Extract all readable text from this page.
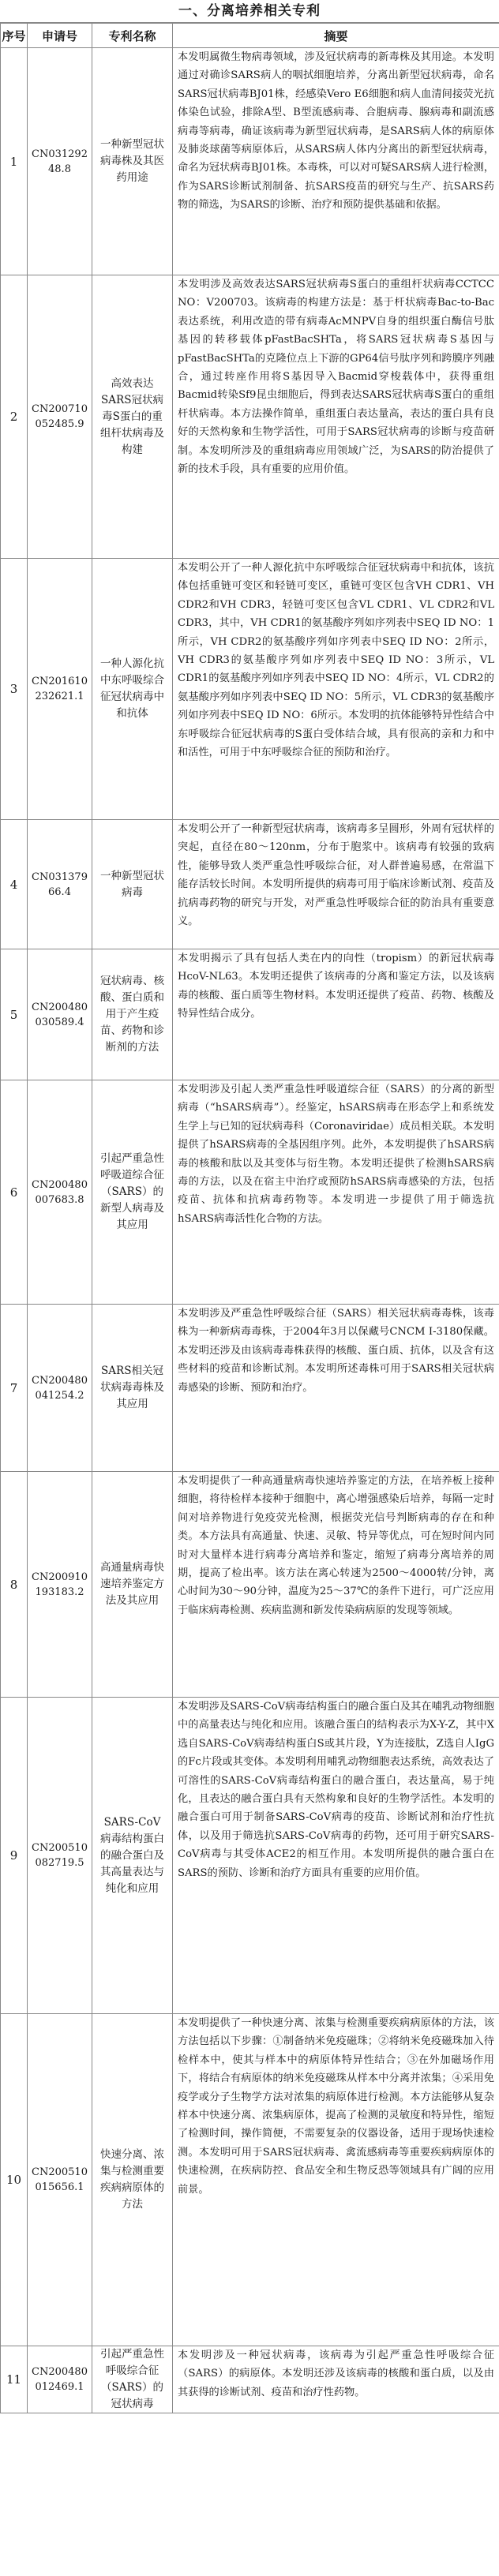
一、分离培养相关专利
序号	申请号	专利名称	摘要
1	CN031292 48.8	一种新型冠状病毒株及其医药用途	本发明属微生物病毒领域，涉及冠状病毒的新毒株及其用途。本发明通过对确诊SARS病人的咽拭细胞培养，分离出新型冠状病毒，命名SARS冠状病毒BJ01株，经感染Vero E6细胞和病人血清间接荧光抗体染色试验，排除A型、B型流感病毒、合胞病毒、腺病毒和副流感病毒等病毒，确证该病毒为新型冠状病毒，是SARS病人体的病原体及肺炎球菌等病原体后，从SARS病人体内分离出的新型冠状病毒，命名为冠状病毒BJ01株。本毒株，可以对可疑SARS病人进行检测，作为SARS诊断试剂制备、抗SARS疫苗的研究与生产、抗SARS药物的筛选，为SARS的诊断、治疗和预防提供基础和依据。

2	CN200710 052485.9	高效表达SARS冠状病毒S蛋白的重组杆状病毒及构建	本发明涉及高效表达SARS冠状病毒S蛋白的重组杆状病毒CCTCC NO：V200703。该病毒的构建方法是：基于杆状病毒Bac-to-Bac表达系统，利用改造的带有病毒AcMNPV自身的组织蛋白酶信号肽基因的转移载体pFastBacSHTa，将SARS冠状病毒S基因与pFastBacSHTa的克隆位点上下游的GP64信号肽序列和跨膜序列融合，通过转座作用将S基因导入Bacmid穿梭载体中，获得重组Bacmid转染Sf9昆虫细胞后，得到表达SARS冠状病毒S蛋白的重组杆状病毒。本方法操作简单，重组蛋白表达量高，表达的蛋白具有良好的天然构象和生物学活性，可用于SARS冠状病毒的诊断与疫苗研制。本发明所涉及的重组病毒应用领域广泛，为SARS的防治提供了新的技术手段，具有重要的应用价值。

3	CN201610 232621.1	一种人源化抗中东呼吸综合征冠状病毒中和抗体	本发明公开了一种人源化抗中东呼吸综合征冠状病毒中和抗体，该抗体包括重链可变区和轻链可变区，重链可变区包含VH CDR1、VH CDR2和VH CDR3，轻链可变区包含VL CDR1、VL CDR2和VL CDR3，其中，VH CDR1的氨基酸序列如序列表中SEQ ID NO：1所示，VH CDR2的氨基酸序列如序列表中SEQ ID NO：2所示，VH CDR3的氨基酸序列如序列表中SEQ ID NO：3所示，VL CDR1的氨基酸序列如序列表中SEQ ID NO：4所示，VL CDR2的氨基酸序列如序列表中SEQ ID NO：5所示，VL CDR3的氨基酸序列如序列表中SEQ ID NO：6所示。本发明的抗体能够特异性结合中东呼吸综合征冠状病毒的S蛋白受体结合域，具有很高的亲和力和中和活性，可用于中东呼吸综合征的预防和治疗。

4	CN031379 66.4	一种新型冠状病毒	本发明公开了一种新型冠状病毒，该病毒多呈圆形，外周有冠状样的突起，直径在80～120nm，分布于胞浆中。该病毒有较强的致病性，能够导致人类严重急性呼吸综合征，对人群普遍易感，在常温下能存活较长时间。本发明所提供的病毒可用于临床诊断试剂、疫苗及抗病毒药物的研究与开发，对严重急性呼吸综合征的防治具有重要意义。

5	CN200480 030589.4	冠状病毒、核酸、蛋白质和用于产生疫苗、药物和诊断剂的方法	本发明揭示了具有包括人类在内的向性（tropism）的新冠状病毒HcoV-NL63。本发明还提供了该病毒的分离和鉴定方法，以及该病毒的核酸、蛋白质等生物材料。本发明还提供了疫苗、药物、核酸及特异性结合成分。

6	CN200480 007683.8	引起严重急性呼吸道综合征（SARS）的新型人病毒及其应用	本发明涉及引起人类严重急性呼吸道综合征（SARS）的分离的新型病毒（“hSARS病毒”）。经鉴定，hSARS病毒在形态学上和系统发生学上与已知的冠状病毒科（Coronaviridae）成员相关联。本发明提供了hSARS病毒的全基因组序列。此外，本发明提供了hSARS病毒的核酸和肽以及其变体与衍生物。本发明还提供了检测hSARS病毒的方法，以及在宿主中治疗或预防hSARS病毒感染的方法，包括疫苗、抗体和抗病毒药物等。本发明进一步提供了用于筛选抗hSARS病毒活性化合物的方法。

7	CN200480 041254.2	SARS相关冠状病毒毒株及其应用	本发明涉及严重急性呼吸综合征（SARS）相关冠状病毒毒株，该毒株为一种新病毒毒株，于2004年3月以保藏号CNCM I-3180保藏。本发明还涉及由该病毒毒株获得的核酸、蛋白质、抗体，以及含有这些材料的疫苗和诊断试剂。本发明所述毒株可用于SARS相关冠状病毒感染的诊断、预防和治疗。

8	CN200910 193183.2	高通量病毒快速培养鉴定方法及其应用	本发明提供了一种高通量病毒快速培养鉴定的方法，在培养板上接种细胞，将待检样本接种于细胞中，离心增强感染后培养，每隔一定时间对培养物进行免疫荧光检测，根据荧光信号判断病毒的存在和种类。本方法具有高通量、快速、灵敏、特异等优点，可在短时间内同时对大量样本进行病毒分离培养和鉴定，缩短了病毒分离培养的周期，提高了检出率。该方法在离心转速为2500～4000转/分钟，离心时间为30～90分钟，温度为25～37℃的条件下进行，可广泛应用于临床病毒检测、疾病监测和新发传染病病原的发现等领域。

9	CN200510 082719.5	SARS-CoV病毒结构蛋白的融合蛋白及其高量表达与纯化和应用	本发明涉及SARS-CoV病毒结构蛋白的融合蛋白及其在哺乳动物细胞中的高量表达与纯化和应用。该融合蛋白的结构表示为X-Y-Z，其中X选自SARS-CoV病毒结构蛋白S或其片段，Y为连接肽，Z选自人IgG的Fc片段或其变体。本发明利用哺乳动物细胞表达系统，高效表达了可溶性的SARS-CoV病毒结构蛋白的融合蛋白，表达量高，易于纯化，且表达的融合蛋白具有天然构象和良好的生物学活性。本发明的融合蛋白可用于制备SARS-CoV病毒的疫苗、诊断试剂和治疗性抗体，以及用于筛选抗SARS-CoV病毒的药物，还可用于研究SARS-CoV病毒与其受体ACE2的相互作用。本发明所提供的融合蛋白在SARS的预防、诊断和治疗方面具有重要的应用价值。

10	CN200510 015656.1	快速分离、浓集与检测重要疾病病原体的方法	本发明提供了一种快速分离、浓集与检测重要疾病病原体的方法，该方法包括以下步骤：①制备纳米免疫磁珠；②将纳米免疫磁珠加入待检样本中，使其与样本中的病原体特异性结合；③在外加磁场作用下，将结合有病原体的纳米免疫磁珠从样本中分离并浓集；④采用免疫学或分子生物学方法对浓集的病原体进行检测。本方法能够从复杂样本中快速分离、浓集病原体，提高了检测的灵敏度和特异性，缩短了检测时间，操作简便，不需要复杂的仪器设备，适用于现场快速检测。本发明可用于SARS冠状病毒、禽流感病毒等重要疾病病原体的快速检测，在疾病防控、食品安全和生物反恐等领域具有广阔的应用前景。

11	CN200480 012469.1	引起严重急性呼吸综合征（SARS）的冠状病毒	本发明涉及一种冠状病毒，该病毒为引起严重急性呼吸综合征（SARS）的病原体。本发明还涉及该病毒的核酸和蛋白质，以及由其获得的诊断试剂、疫苗和治疗性药物。
